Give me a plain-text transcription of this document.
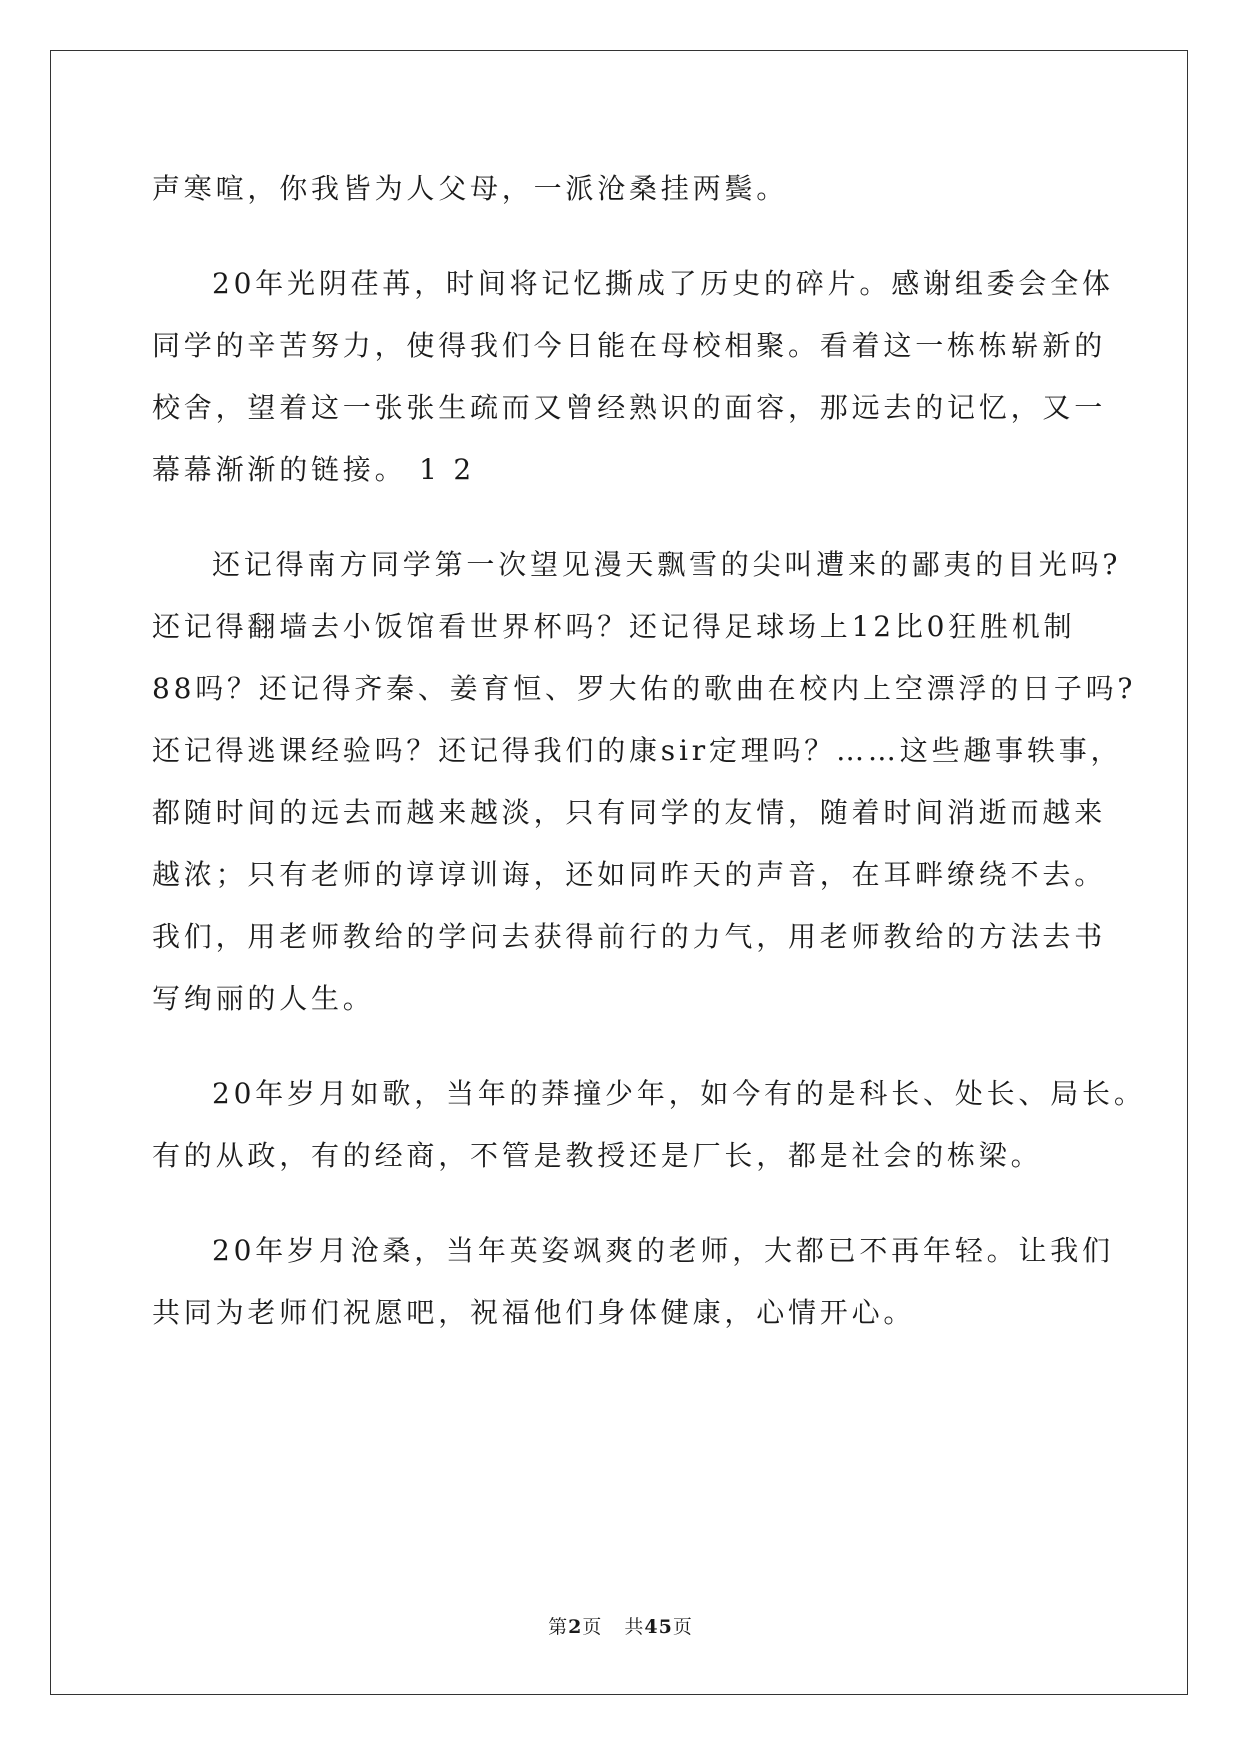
声寒喧，你我皆为人父母，一派沧桑挂两鬓。
20年光阴荏苒，时间将记忆撕成了历史的碎片。感谢组委会全体
同学的辛苦努力，使得我们今日能在母校相聚。看着这一栋栋崭新的
校舍，望着这一张张生疏而又曾经熟识的面容，那远去的记忆，又一
幕幕渐渐的链接。 1 2
还记得南方同学第一次望见漫天飘雪的尖叫遭来的鄙夷的目光吗?
还记得翻墙去小饭馆看世界杯吗？还记得足球场上12比0狂胜机制
88吗？还记得齐秦、姜育恒、罗大佑的歌曲在校内上空漂浮的日子吗?
还记得逃课经验吗？还记得我们的康sir定理吗？……这些趣事轶事，
都随时间的远去而越来越淡，只有同学的友情，随着时间消逝而越来
越浓；只有老师的谆谆训诲，还如同昨天的声音，在耳畔缭绕不去。
我们，用老师教给的学问去获得前行的力气，用老师教给的方法去书
写绚丽的人生。
20年岁月如歌，当年的莽撞少年，如今有的是科长、处长、局长。
有的从政，有的经商，不管是教授还是厂长，都是社会的栋梁。
20年岁月沧桑，当年英姿飒爽的老师，大都已不再年轻。让我们
共同为老师们祝愿吧，祝福他们身体健康，心情开心。
第2页 共45页
